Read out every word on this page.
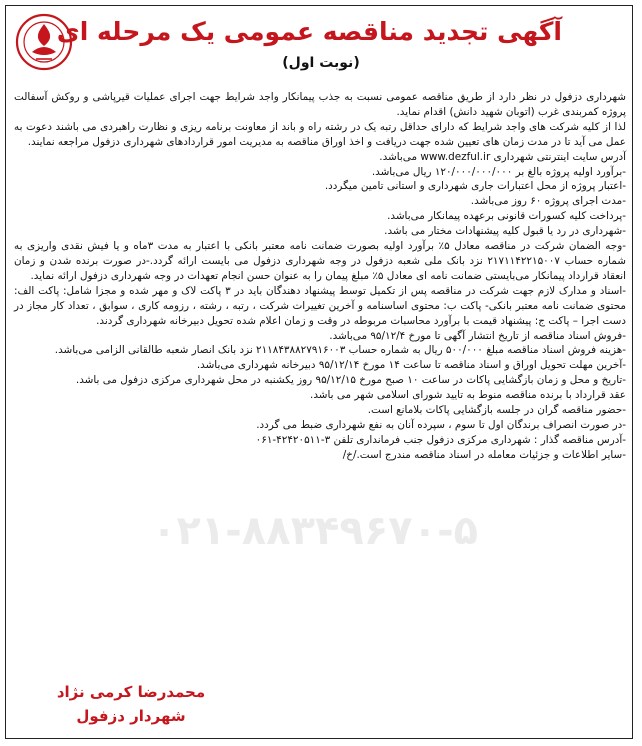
آگهی تجدید مناقصه عمومی یک مرحله ای
(نوبت اول)
۰۲۱-۸۸۳۴۹۶۷۰-۵

شهرداری دزفول در نظر دارد از طریق مناقصه عمومی نسبت به جذب پیمانکار واجد شرایط جهت اجرای عملیات قیرپاشی و روکش آسفالت پروژه کمربندی غرب (اتوبان شهید دانش) اقدام نماید.

لذا از کلیه شرکت های واجد شرایط که دارای حداقل رتبه یک در رشته راه و باند از معاونت برنامه ریزی و نظارت راهبردی می باشند دعوت به عمل می آید تا در مدت زمان های تعیین شده جهت دریافت و اخذ اوراق مناقصه به مدیریت امور قراردادهای شهرداری دزفول مراجعه نمایند.

آدرس سایت اینترنتی شهرداری www.dezful.ir می‌باشد.

-برآورد اولیه پروژه بالغ بر ۱۲۰/۰۰۰/۰۰۰/۰۰۰ ریال می‌باشد.

-اعتبار پروژه از محل اعتبارات جاری شهرداری و استانی تامین میگردد.

-مدت اجرای پروژه ۶۰ روز می‌باشد.

-پرداخت کلیه کسورات قانونی برعهده پیمانکار می‌باشد.

-شهرداری در رد یا قبول کلیه پیشنهادات مختار می باشد.

-وجه الضمان شرکت در مناقصه معادل ۵٪ برآورد اولیه بصورت ضمانت نامه معتبر بانکی با اعتبار به مدت ۳ماه و یا فیش نقدی واریزی به شماره حساب ۲۱۷۱۱۴۲۲۱۵۰۰۷ نزد بانک ملی شعبه دزفول در وجه شهرداری دزفول می بایست ارائه گردد.-در صورت برنده شدن و زمان انعقاد قرارداد پیمانکار می‌بایستی ضمانت نامه ای معادل ۵٪ مبلغ پیمان را به عنوان حسن انجام تعهدات در وجه شهرداری دزفول ارائه نماید.

-اسناد و مدارک لازم جهت شرکت در مناقصه پس از تکمیل توسط پیشنهاد دهندگان باید در ۳ پاکت لاک و مهر شده و مجزا شامل: پاکت الف: محتوی ضمانت نامه معتبر بانکی- پاکت ب: محتوی اساسنامه و آخرین تغییرات شرکت ، رتبه ، رشته ، رزومه کاری ، سوابق ، تعداد کار مجاز در دست اجرا – پاکت ج: پیشنهاد قیمت با برآورد محاسبات مربوطه در وقت و زمان اعلام شده تحویل دبیرخانه شهرداری گردند.

-فروش اسناد مناقصه از تاریخ انتشار آگهی تا مورخ ۹۵/۱۲/۴ می‌باشد.

-هزینه فروش اسناد مناقصه مبلغ ۵۰۰/۰۰۰ ریال به شماره حساب ۲۱۱۸۴۳۸۸۲۷۹۱۶۰۰۳ نزد بانک انصار شعبه طالقانی الزامی می‌باشد.

-آخرین مهلت تحویل اوراق و اسناد مناقصه تا ساعت ۱۴ مورخ ۹۵/۱۲/۱۴ دبیرخانه شهرداری می‌باشد.

-تاریخ و محل و زمان بازگشایی پاکات در ساعت ۱۰ صبح مورخ ۹۵/۱۲/۱۵ روز یکشنبه در محل شهرداری مرکزی دزفول می باشد.

عقد قرارداد با برنده مناقصه منوط به تایید شورای اسلامی شهر می باشد.

-حضور مناقصه گران در جلسه بازگشایی پاکات بلامانع است.

-در صورت انصراف برندگان اول تا سوم ، سپرده آنان به نفع شهرداری ضبط می گردد.

-آدرس مناقصه گذار : شهرداری مرکزی دزفول جنب فرمانداری تلفن ۳-۴۲۴۲۰۵۱۱-۰۶۱

-سایر اطلاعات و جزئیات معامله در اسناد مناقصه مندرج است./خ/

محمدرضا کرمی نژاد
شهردار دزفول
